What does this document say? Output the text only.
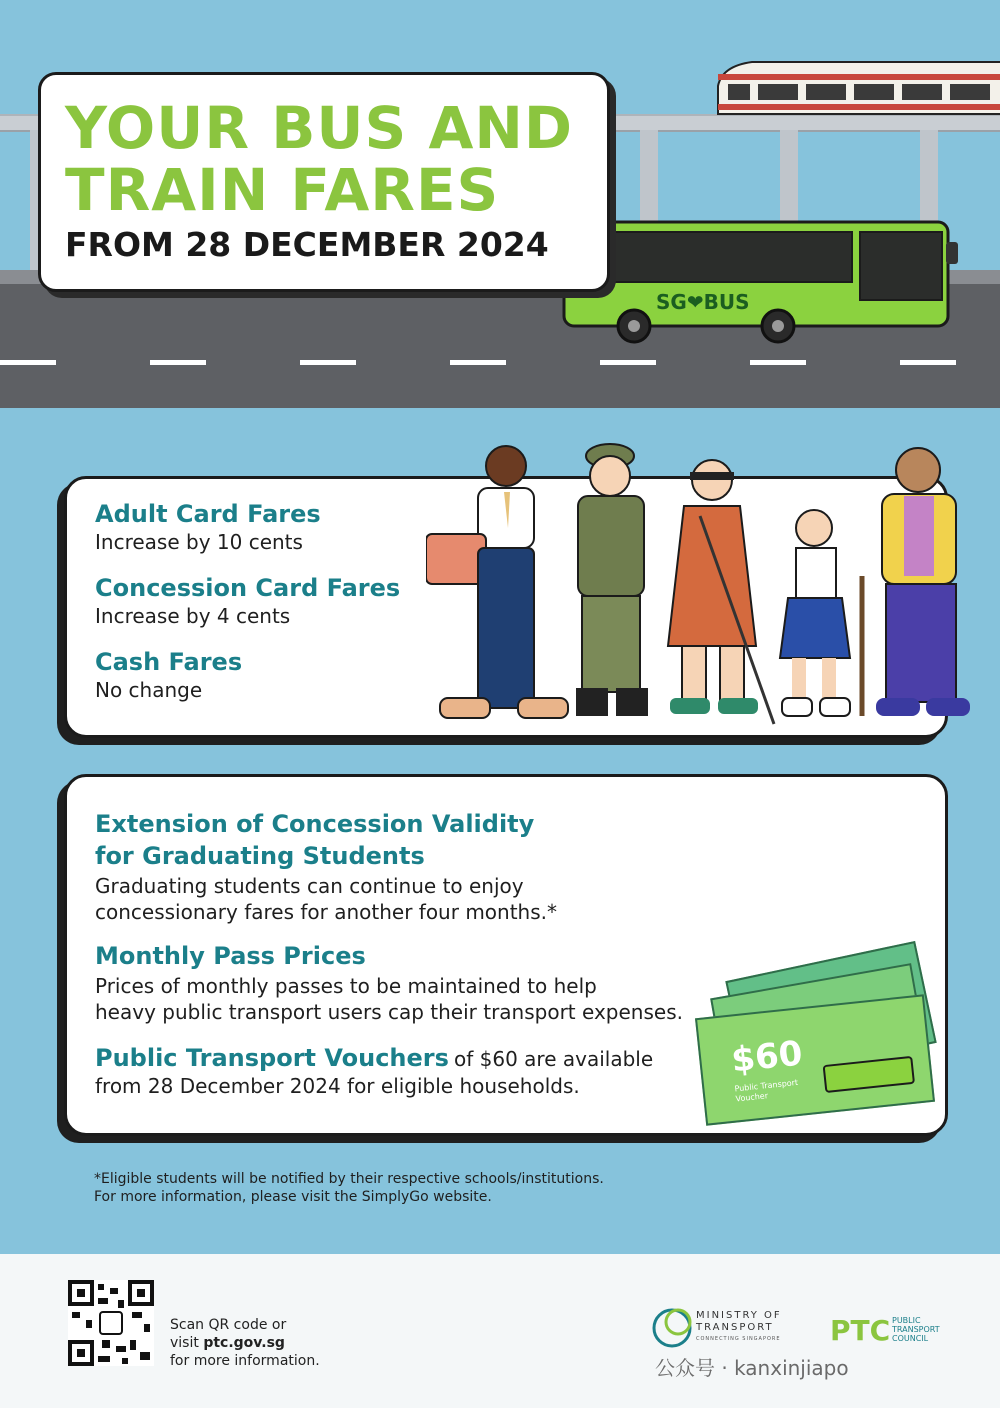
SG❤BUS
YOUR BUS AND
TRAIN FARES
FROM 28 DECEMBER 2024
Adult Card Fares
Increase by 10 cents
Concession Card Fares
Increase by 4 cents
Cash Fares
No change
Extension of Concession Validity
for Graduating Students
Graduating students can continue to enjoy
concessionary fares for another four months.*
Monthly Pass Prices
Prices of monthly passes to be maintained to help
heavy public transport users cap their transport expenses.
Public Transport Vouchers of $60 are available
from 28 December 2024 for eligible households.
$60
Public Transport
Voucher
*Eligible students will be notified by their respective schools/institutions.
For more information, please visit the SimplyGo website.
Scan QR code or
visit ptc.gov.sg
for more information.
MINISTRY OF
TRANSPORT
CONNECTING SINGAPORE PTC PUBLIC
TRANSPORT
COUNCIL
公众号 · kanxinjiapo
